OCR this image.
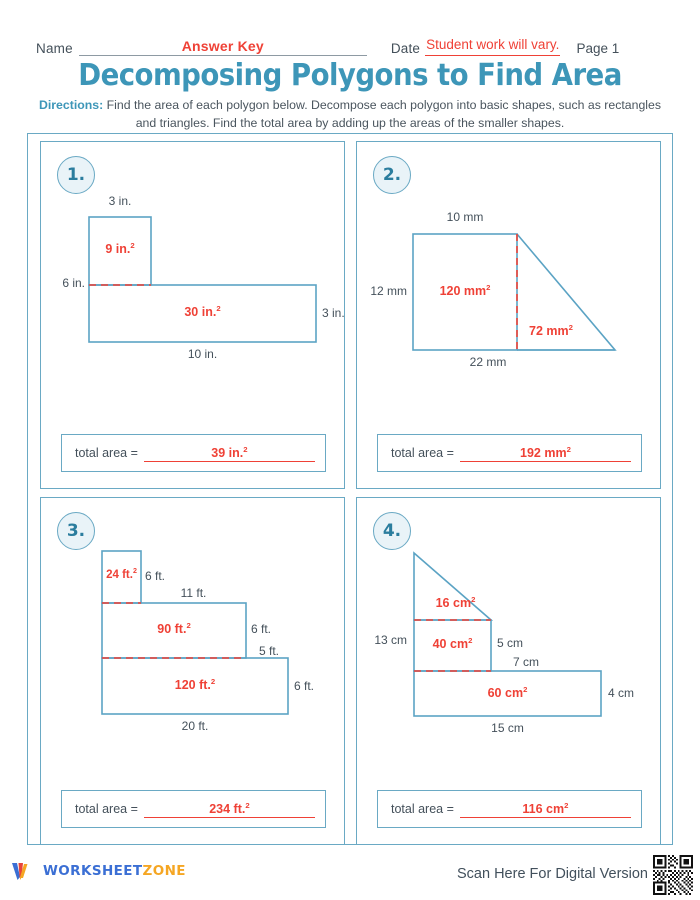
Name	Answer Key	Date Student work will vary. Page 1
Decomposing Polygons to Find Area
Directions: Find the area of each polygon below. Decompose each polygon into basic shapes, such as rectangles and triangles. Find the total area by adding up the areas of the smaller shapes.
1.
3 in.
6 in.
3 in.
10 in.
9 in.$^2$
30 in.$^2$
total area =	39 in.$^2$
2.
10 mm
12 mm
22 mm
120 $mm^2$
72 $mm^2$
total area =	192 $mm^2$
3.
24 ft.$^2$ 6 ft.
11 ft.
90 ft.$^2$	6 ft.
5 ft.
120 ft.$^2$	6 ft.
20 ft.
total area =	234 ft.$^2$
4.
13 cm
16 $cm^2$
40 $cm^2$	5 cm
7 cm
60 $cm^2$	4 cm
15 cm
total area =	116 $cm^2$
WORKSHEETZONE	Scan Here For Digital Version
